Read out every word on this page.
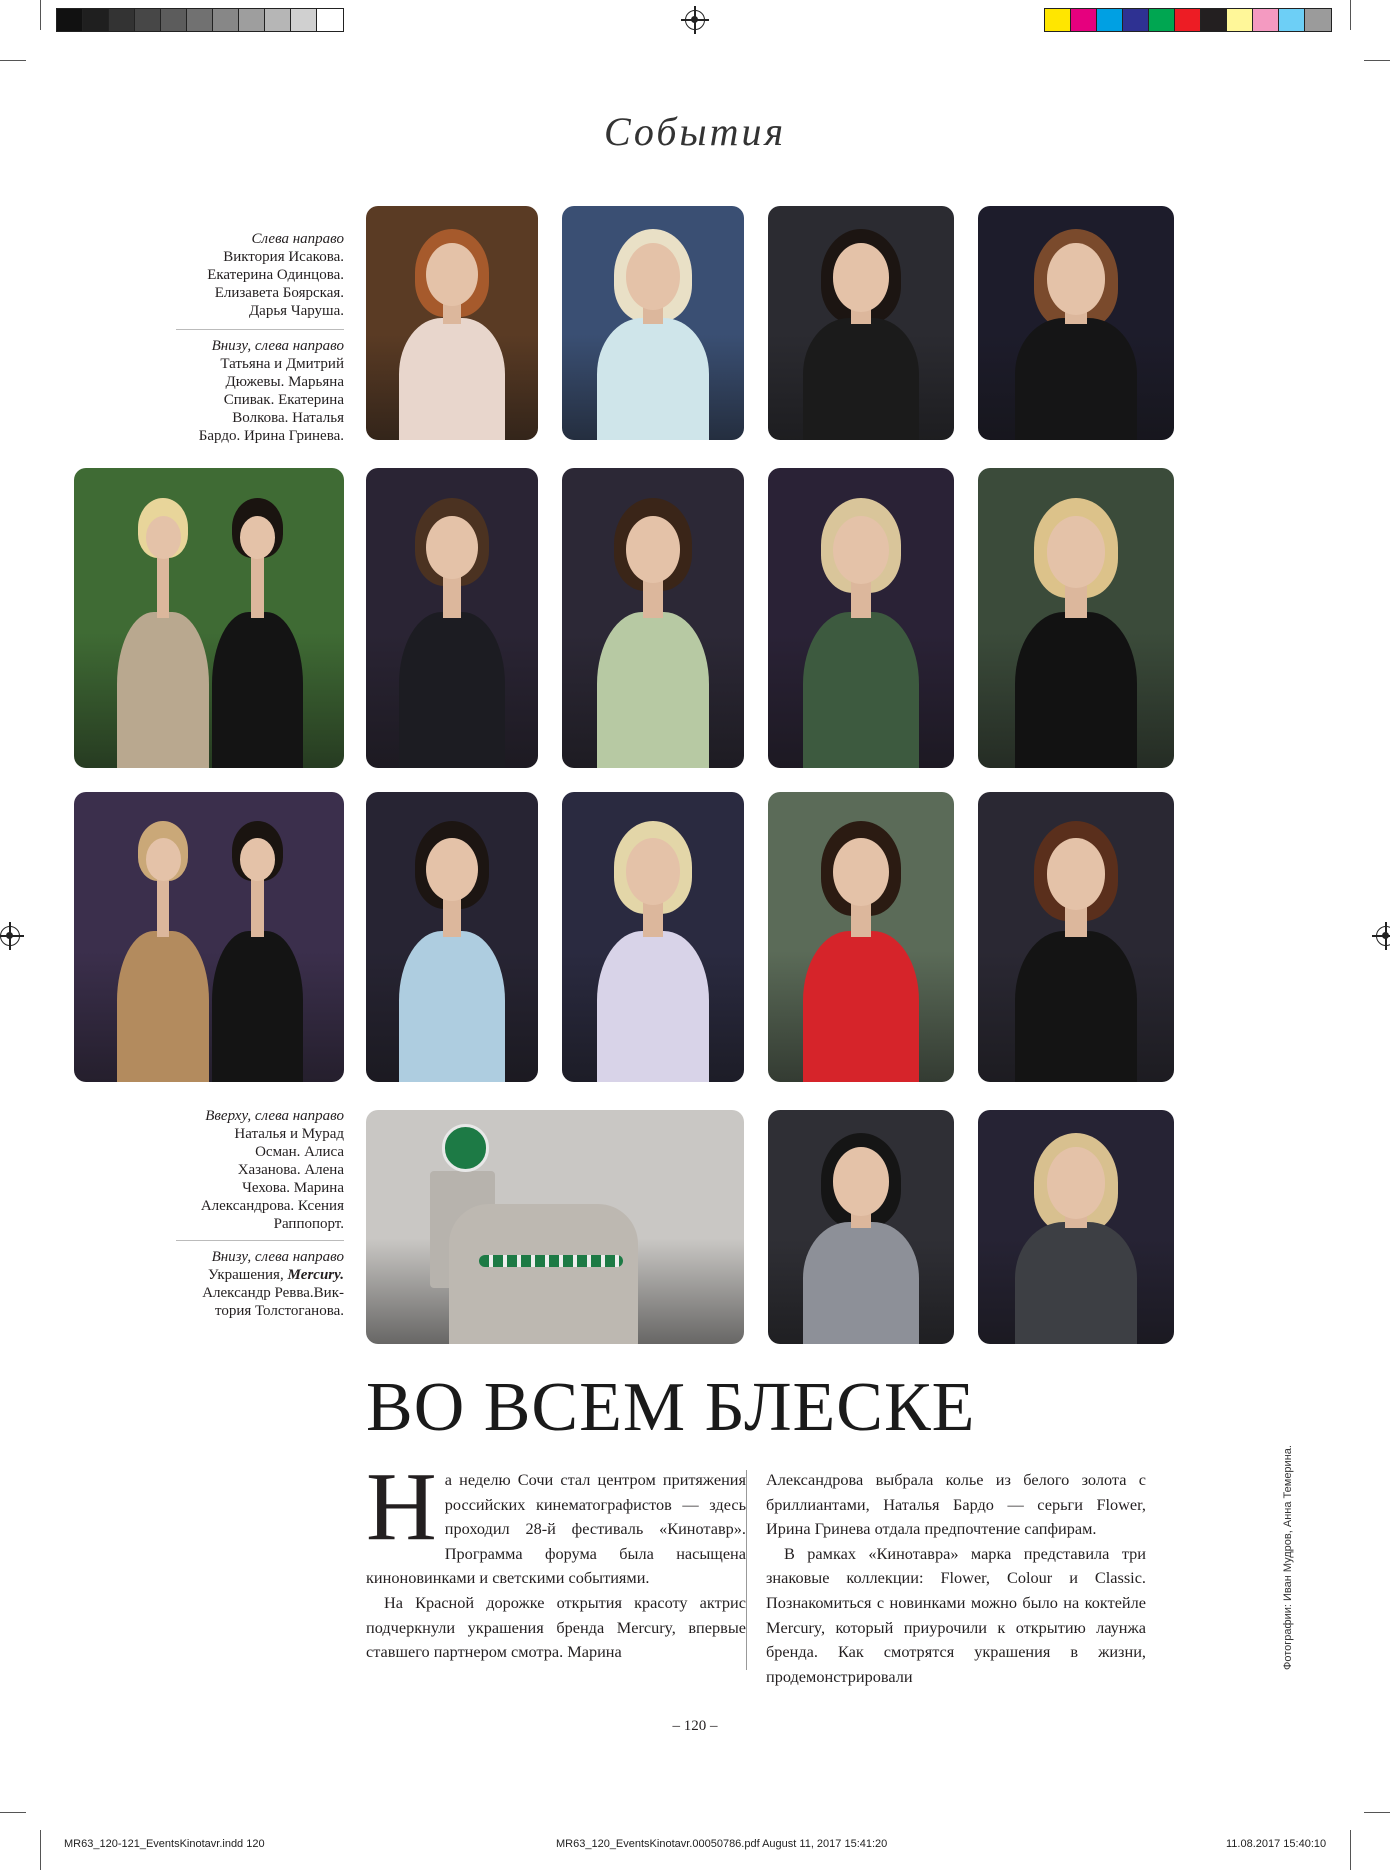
События
Слева направо
Виктория Исакова.
Екатерина Одинцова.
Елизавета Боярская.
Дарья Чаруша.
Внизу, слева направо
Татьяна и Дмитрий
Дюжевы. Марьяна
Спивак. Екатерина
Волкова. Наталья
Бардо. Ирина Гринева.
Вверху, слева направо
Наталья и Мурад
Осман. Алиса
Хазанова. Алена
Чехова. Марина
Александрова. Ксения
Раппопорт.
Внизу, слева направо
Украшения, Mercury.
Александр Ревва.Вик-
тория Толстоганова.
ВО ВСЕМ БЛЕСКЕ

На неделю Сочи стал центром притяжения российских кинематографистов — здесь проходил 28-й фестиваль «Кинотавр». Программа форума была насыщена киноновинками и светскими событиями.

На Красной дорожке открытия красоту актрис подчеркнули украшения бренда Mercury, впервые ставшего партнером смотра. Марина

Александрова выбрала колье из белого золота с бриллиантами, Наталья Бардо — серьги Flower, Ирина Гринева отдала предпочтение сапфирам.

В рамках «Кинотавра» марка представила три знаковые коллекции: Flower, Colour и Classic. Познакомиться с новинками можно было на коктейле Mercury, который приурочили к открытию лаунжа бренда. Как смотрятся украшения в жизни, продемонстрировали

Фотографии: Иван Мудров, Анна Темерина.
– 120 –
MR63_120-121_EventsKinotavr.indd 120	MR63_120_EventsKinotavr.00050786.pdf August 11, 2017 15:41:20	11.08.2017 15:40:10
